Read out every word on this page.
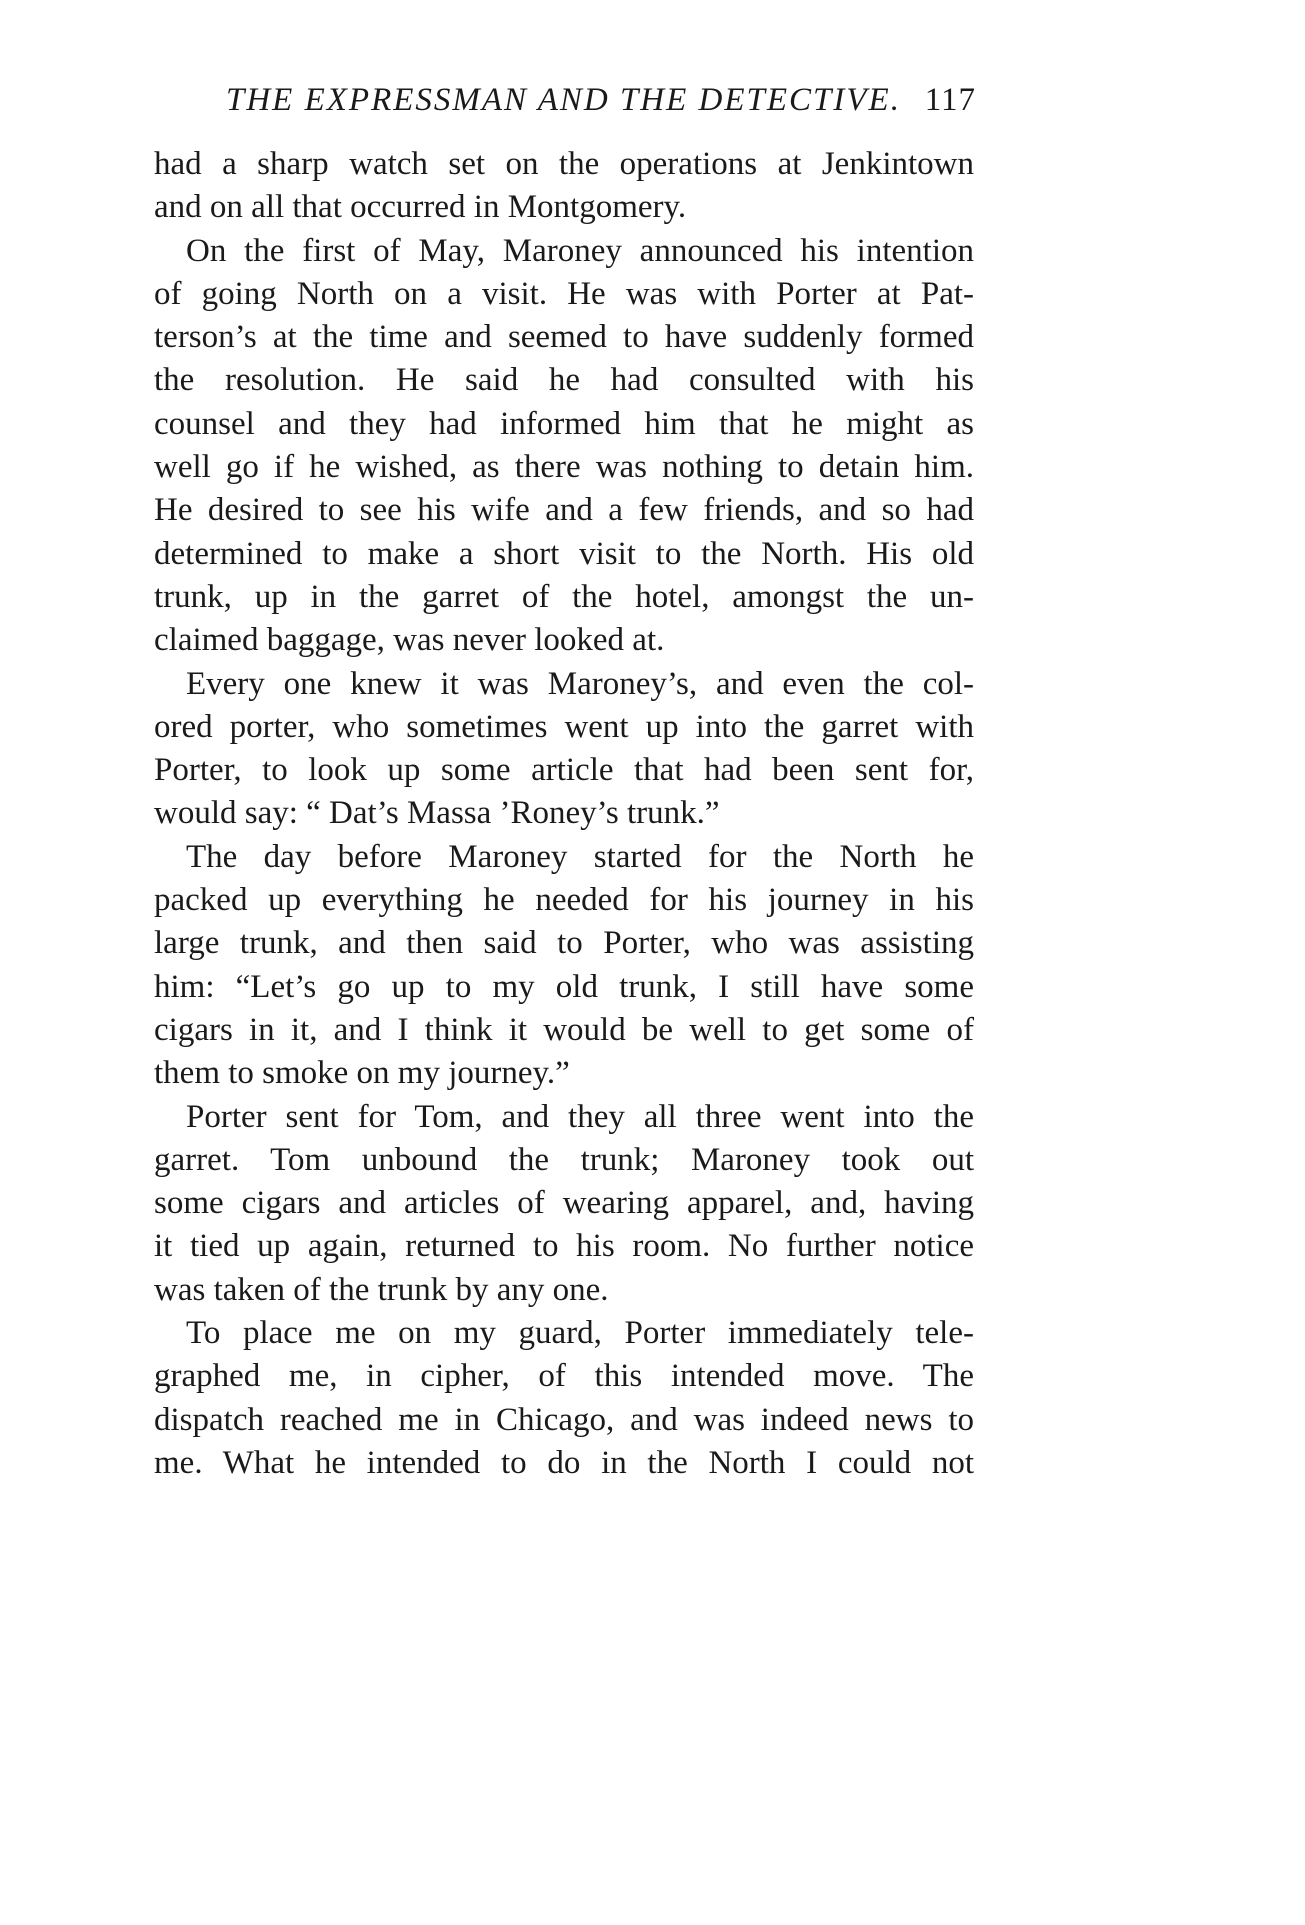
THE EXPRESSMAN AND THE DETECTIVE. 117
had a sharp watch set on the operations at Jenkintown
and on all that occurred in Montgomery.
On the first of May, Maroney announced his intention
of going North on a visit. He was with Porter at Pat-
terson’s at the time and seemed to have suddenly formed
the resolution. He said he had consulted with his
counsel and they had informed him that he might as
well go if he wished, as there was nothing to detain him.
He desired to see his wife and a few friends, and so had
determined to make a short visit to the North. His old
trunk, up in the garret of the hotel, amongst the un-
claimed baggage, was never looked at.
Every one knew it was Maroney’s, and even the col-
ored porter, who sometimes went up into the garret with
Porter, to look up some article that had been sent for,
would say: “ Dat’s Massa ’Roney’s trunk.”
The day before Maroney started for the North he
packed up everything he needed for his journey in his
large trunk, and then said to Porter, who was assisting
him: “Let’s go up to my old trunk, I still have some
cigars in it, and I think it would be well to get some of
them to smoke on my journey.”
Porter sent for Tom, and they all three went into the
garret. Tom unbound the trunk; Maroney took out
some cigars and articles of wearing apparel, and, having
it tied up again, returned to his room. No further notice
was taken of the trunk by any one.
To place me on my guard, Porter immediately tele-
graphed me, in cipher, of this intended move. The
dispatch reached me in Chicago, and was indeed news to
me. What he intended to do in the North I could not
